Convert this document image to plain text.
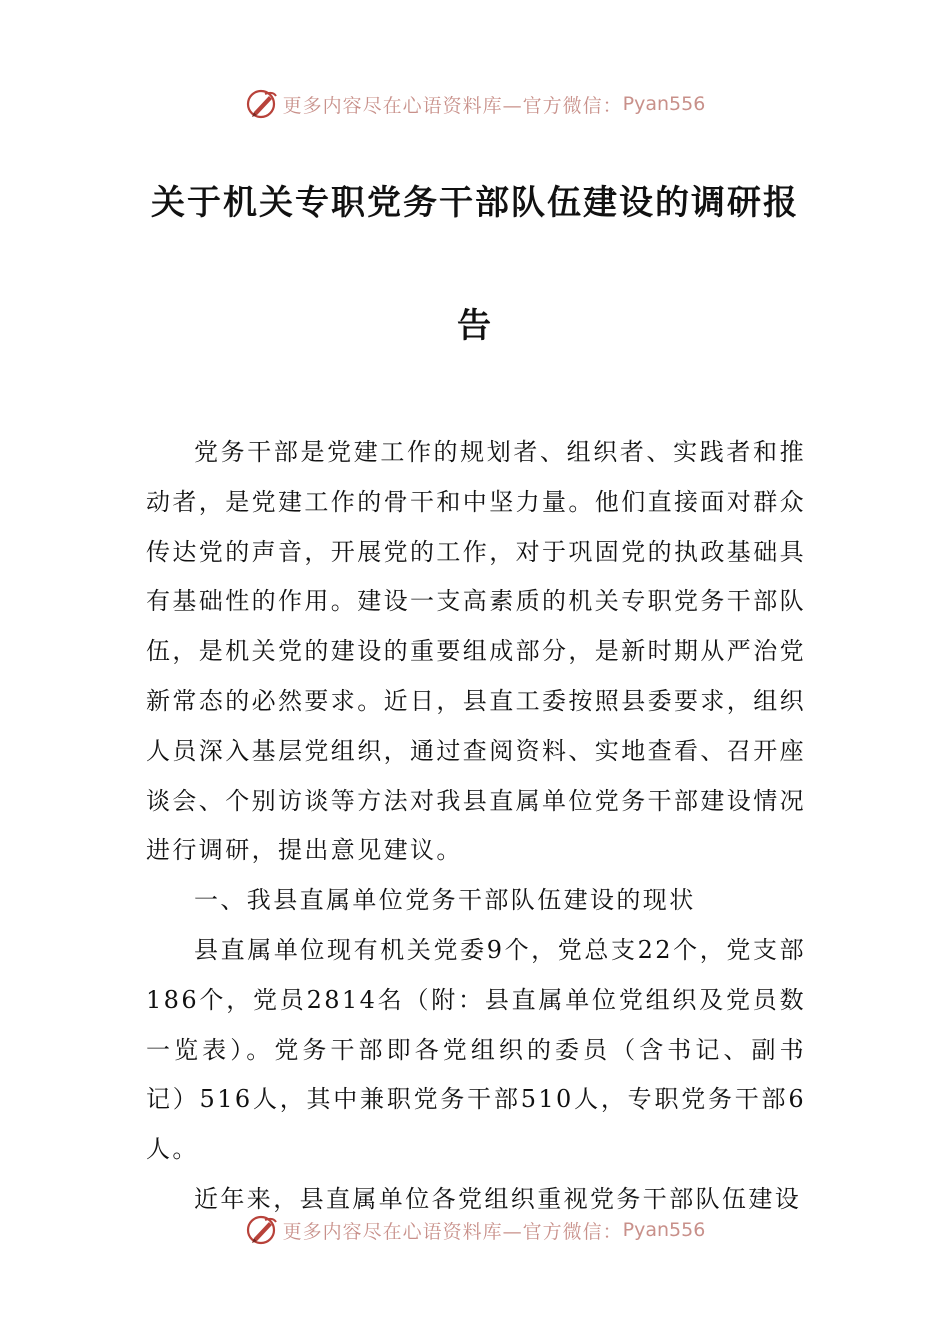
更多内容尽在心语资料库—官方微信： Pyan556
关于机关专职党务干部队伍建设的调研报
告

党务干部是党建工作的规划者、组织者、实践者和推动者，是党建工作的骨干和中坚力量。他们直接面对群众传达党的声音，开展党的工作，对于巩固党的执政基础具有基础性的作用。建设一支高素质的机关专职党务干部队伍，是机关党的建设的重要组成部分，是新时期从严治党新常态的必然要求。近日，县直工委按照县委要求，组织人员深入基层党组织，通过查阅资料、实地查看、召开座谈会、个别访谈等方法对我县直属单位党务干部建设情况进行调研，提出意见建议。

一、我县直属单位党务干部队伍建设的现状

县直属单位现有机关党委9个，党总支22个，党支部186个，党员2814名（附：县直属单位党组织及党员数一览表）。党务干部即各党组织的委员（含书记、副书记）516人，其中兼职党务干部510人，专职党务干部6人。

近年来，县直属单位各党组织重视党务干部队伍建设

更多内容尽在心语资料库—官方微信： Pyan556
